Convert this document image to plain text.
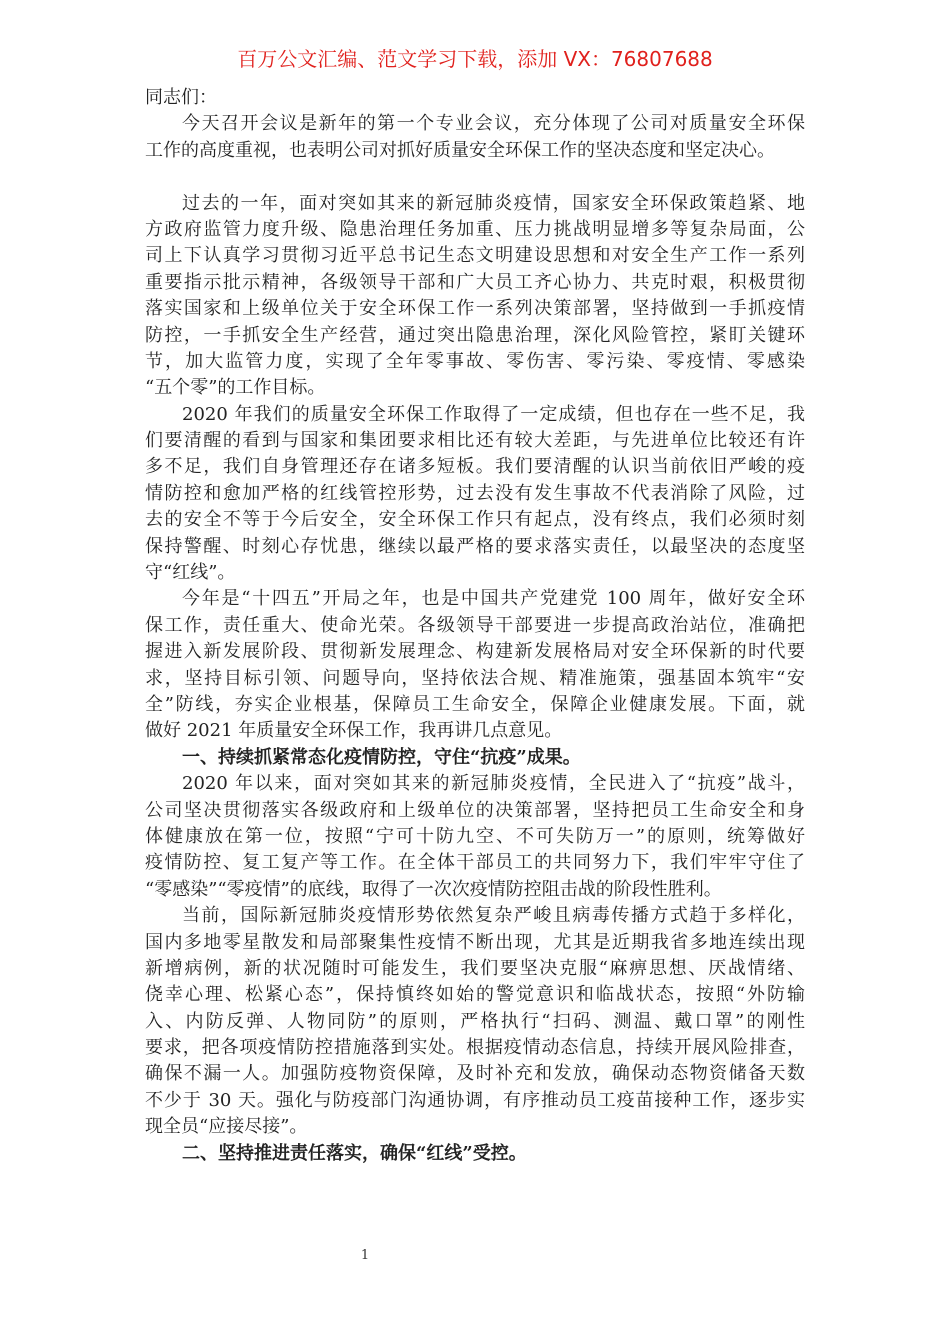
百万公文汇编、范文学习下载，添加 VX：76807688
同志们：
今天召开会议是新年的第一个专业会议，充分体现了公司对质量安全环保
工作的高度重视，也表明公司对抓好质量安全环保工作的坚决态度和坚定决心。
过去的一年，面对突如其来的新冠肺炎疫情，国家安全环保政策趋紧、地
方政府监管力度升级、隐患治理任务加重、压力挑战明显增多等复杂局面，公
司上下认真学习贯彻习近平总书记生态文明建设思想和对安全生产工作一系列
重要指示批示精神，各级领导干部和广大员工齐心协力、共克时艰，积极贯彻
落实国家和上级单位关于安全环保工作一系列决策部署，坚持做到一手抓疫情
防控，一手抓安全生产经营，通过突出隐患治理，深化风险管控，紧盯关键环
节，加大监管力度，实现了全年零事故、零伤害、零污染、零疫情、零感染
“五个零”的工作目标。
2020 年我们的质量安全环保工作取得了一定成绩，但也存在一些不足，我
们要清醒的看到与国家和集团要求相比还有较大差距，与先进单位比较还有许
多不足，我们自身管理还存在诸多短板。我们要清醒的认识当前依旧严峻的疫
情防控和愈加严格的红线管控形势，过去没有发生事故不代表消除了风险，过
去的安全不等于今后安全，安全环保工作只有起点，没有终点，我们必须时刻
保持警醒、时刻心存忧患，继续以最严格的要求落实责任，以最坚决的态度坚
守“红线”。
今年是“十四五”开局之年，也是中国共产党建党 100 周年，做好安全环
保工作，责任重大、使命光荣。各级领导干部要进一步提高政治站位，准确把
握进入新发展阶段、贯彻新发展理念、构建新发展格局对安全环保新的时代要
求，坚持目标引领、问题导向，坚持依法合规、精准施策，强基固本筑牢“安
全”防线，夯实企业根基，保障员工生命安全，保障企业健康发展。下面，就
做好 2021 年质量安全环保工作，我再讲几点意见。
一、持续抓紧常态化疫情防控，守住“抗疫”成果。
2020 年以来，面对突如其来的新冠肺炎疫情，全民进入了“抗疫”战斗，
公司坚决贯彻落实各级政府和上级单位的决策部署，坚持把员工生命安全和身
体健康放在第一位，按照“宁可十防九空、不可失防万一”的原则，统筹做好
疫情防控、复工复产等工作。在全体干部员工的共同努力下，我们牢牢守住了
“零感染”“零疫情”的底线，取得了一次次疫情防控阻击战的阶段性胜利。
当前，国际新冠肺炎疫情形势依然复杂严峻且病毒传播方式趋于多样化，
国内多地零星散发和局部聚集性疫情不断出现，尤其是近期我省多地连续出现
新增病例，新的状况随时可能发生，我们要坚决克服“麻痹思想、厌战情绪、
侥幸心理、松紧心态”，保持慎终如始的警觉意识和临战状态，按照“外防输
入、内防反弹、人物同防”的原则，严格执行“扫码、测温、戴口罩”的刚性
要求，把各项疫情防控措施落到实处。根据疫情动态信息，持续开展风险排查，
确保不漏一人。加强防疫物资保障，及时补充和发放，确保动态物资储备天数
不少于 30 天。强化与防疫部门沟通协调，有序推动员工疫苗接种工作，逐步实
现全员“应接尽接”。
二、坚持推进责任落实，确保“红线”受控。
1
